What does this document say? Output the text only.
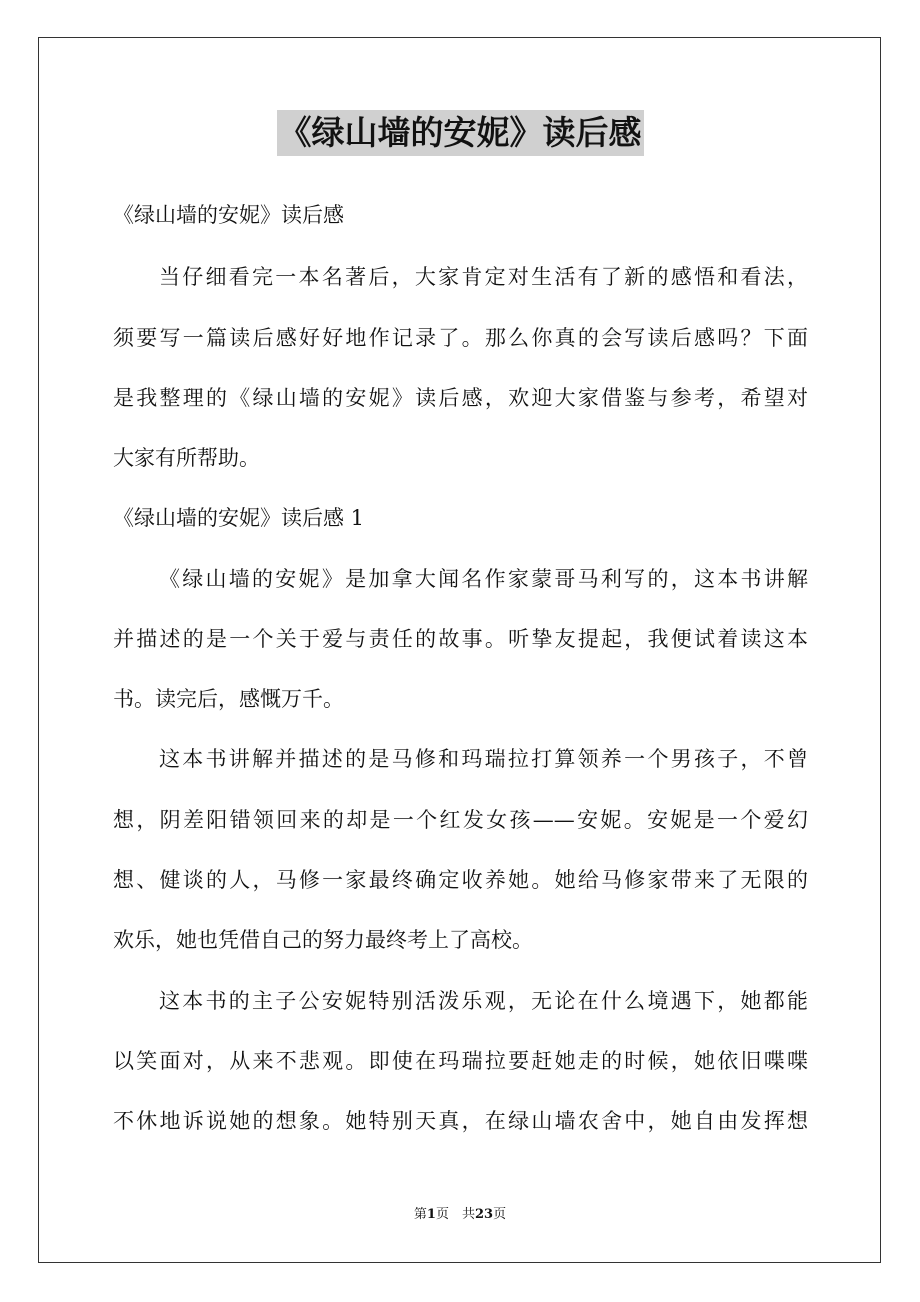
《绿山墙的安妮》读后感
《绿山墙的安妮》读后感
当仔细看完一本名著后，大家肯定对生活有了新的感悟和看法，
须要写一篇读后感好好地作记录了。那么你真的会写读后感吗？下面
是我整理的《绿山墙的安妮》读后感，欢迎大家借鉴与参考，希望对
大家有所帮助。
《绿山墙的安妮》读后感 1
《绿山墙的安妮》是加拿大闻名作家蒙哥马利写的，这本书讲解
并描述的是一个关于爱与责任的故事。听挚友提起，我便试着读这本
书。读完后，感慨万千。
这本书讲解并描述的是马修和玛瑞拉打算领养一个男孩子，不曾
想，阴差阳错领回来的却是一个红发女孩——安妮。安妮是一个爱幻
想、健谈的人，马修一家最终确定收养她。她给马修家带来了无限的
欢乐，她也凭借自己的努力最终考上了高校。
这本书的主子公安妮特别活泼乐观，无论在什么境遇下，她都能
以笑面对，从来不悲观。即使在玛瑞拉要赶她走的时候，她依旧喋喋
不休地诉说她的想象。她特别天真，在绿山墙农舍中，她自由发挥想
第1页　共23页
